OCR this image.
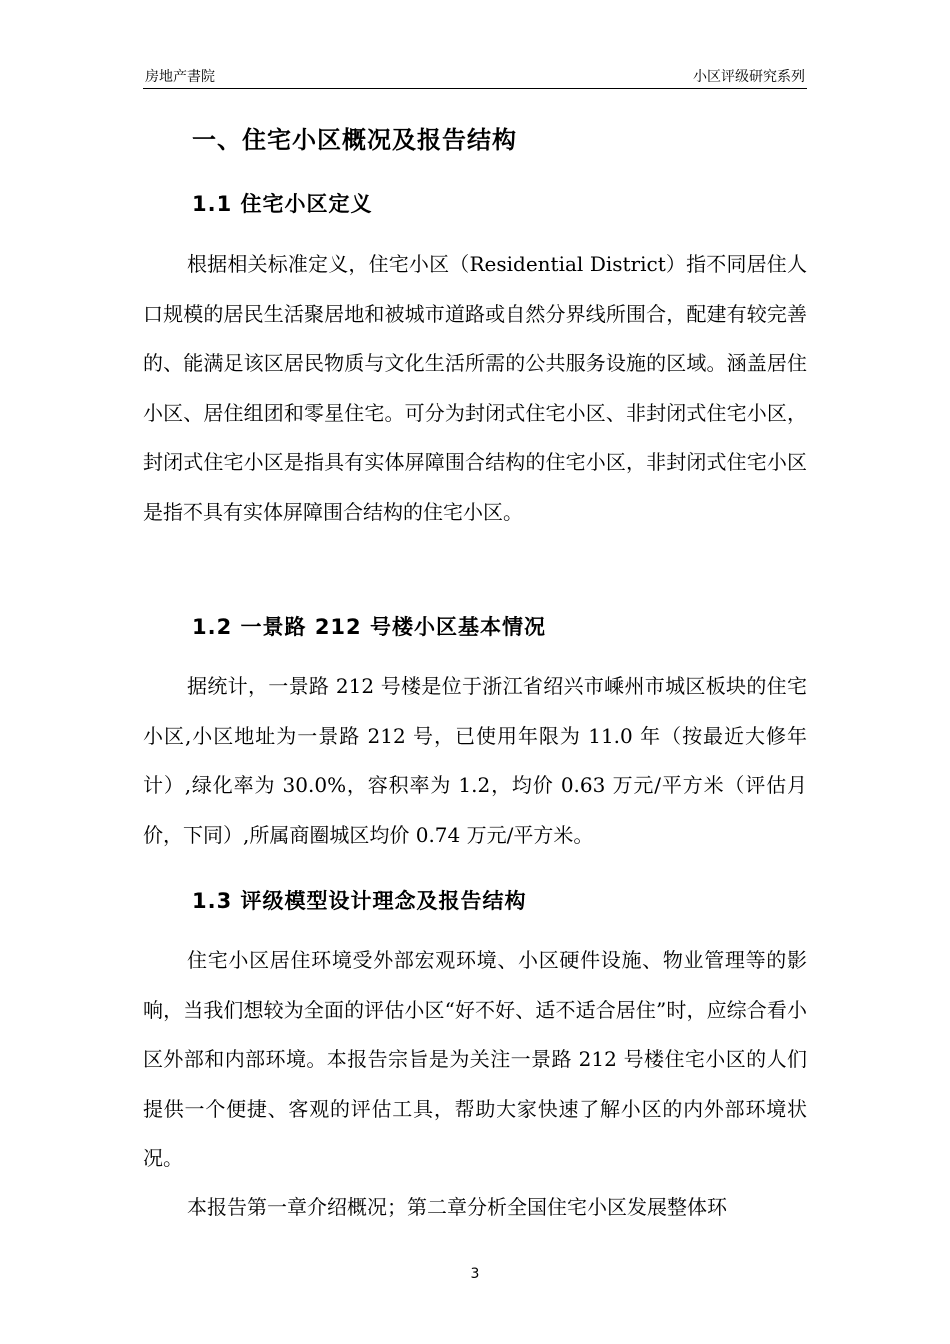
房地产書院	小区评级研究系列
一、住宅小区概况及报告结构
1.1 住宅小区定义

根据相关标准定义，住宅小区（Residential District）指不同居住人口规模的居民生活聚居地和被城市道路或自然分界线所围合，配建有较完善的、能满足该区居民物质与文化生活所需的公共服务设施的区域。涵盖居住小区、居住组团和零星住宅。可分为封闭式住宅小区、非封闭式住宅小区，封闭式住宅小区是指具有实体屏障围合结构的住宅小区，非封闭式住宅小区是指不具有实体屏障围合结构的住宅小区。

1.2 一景路 212 号楼小区基本情况

据统计，一景路 212 号楼是位于浙江省绍兴市嵊州市城区板块的住宅小区,小区地址为一景路 212 号，已使用年限为 11.0 年（按最近大修年计）,绿化率为 30.0%，容积率为 1.2，均价 0.63 万元/平方米（评估月价，下同）,所属商圈城区均价 0.74 万元/平方米。

1.3 评级模型设计理念及报告结构

住宅小区居住环境受外部宏观环境、小区硬件设施、物业管理等的影响，当我们想较为全面的评估小区“好不好、适不适合居住”时，应综合看小区外部和内部环境。本报告宗旨是为关注一景路 212 号楼住宅小区的人们提供一个便捷、客观的评估工具，帮助大家快速了解小区的内外部环境状况。

本报告第一章介绍概况；第二章分析全国住宅小区发展整体环

3
